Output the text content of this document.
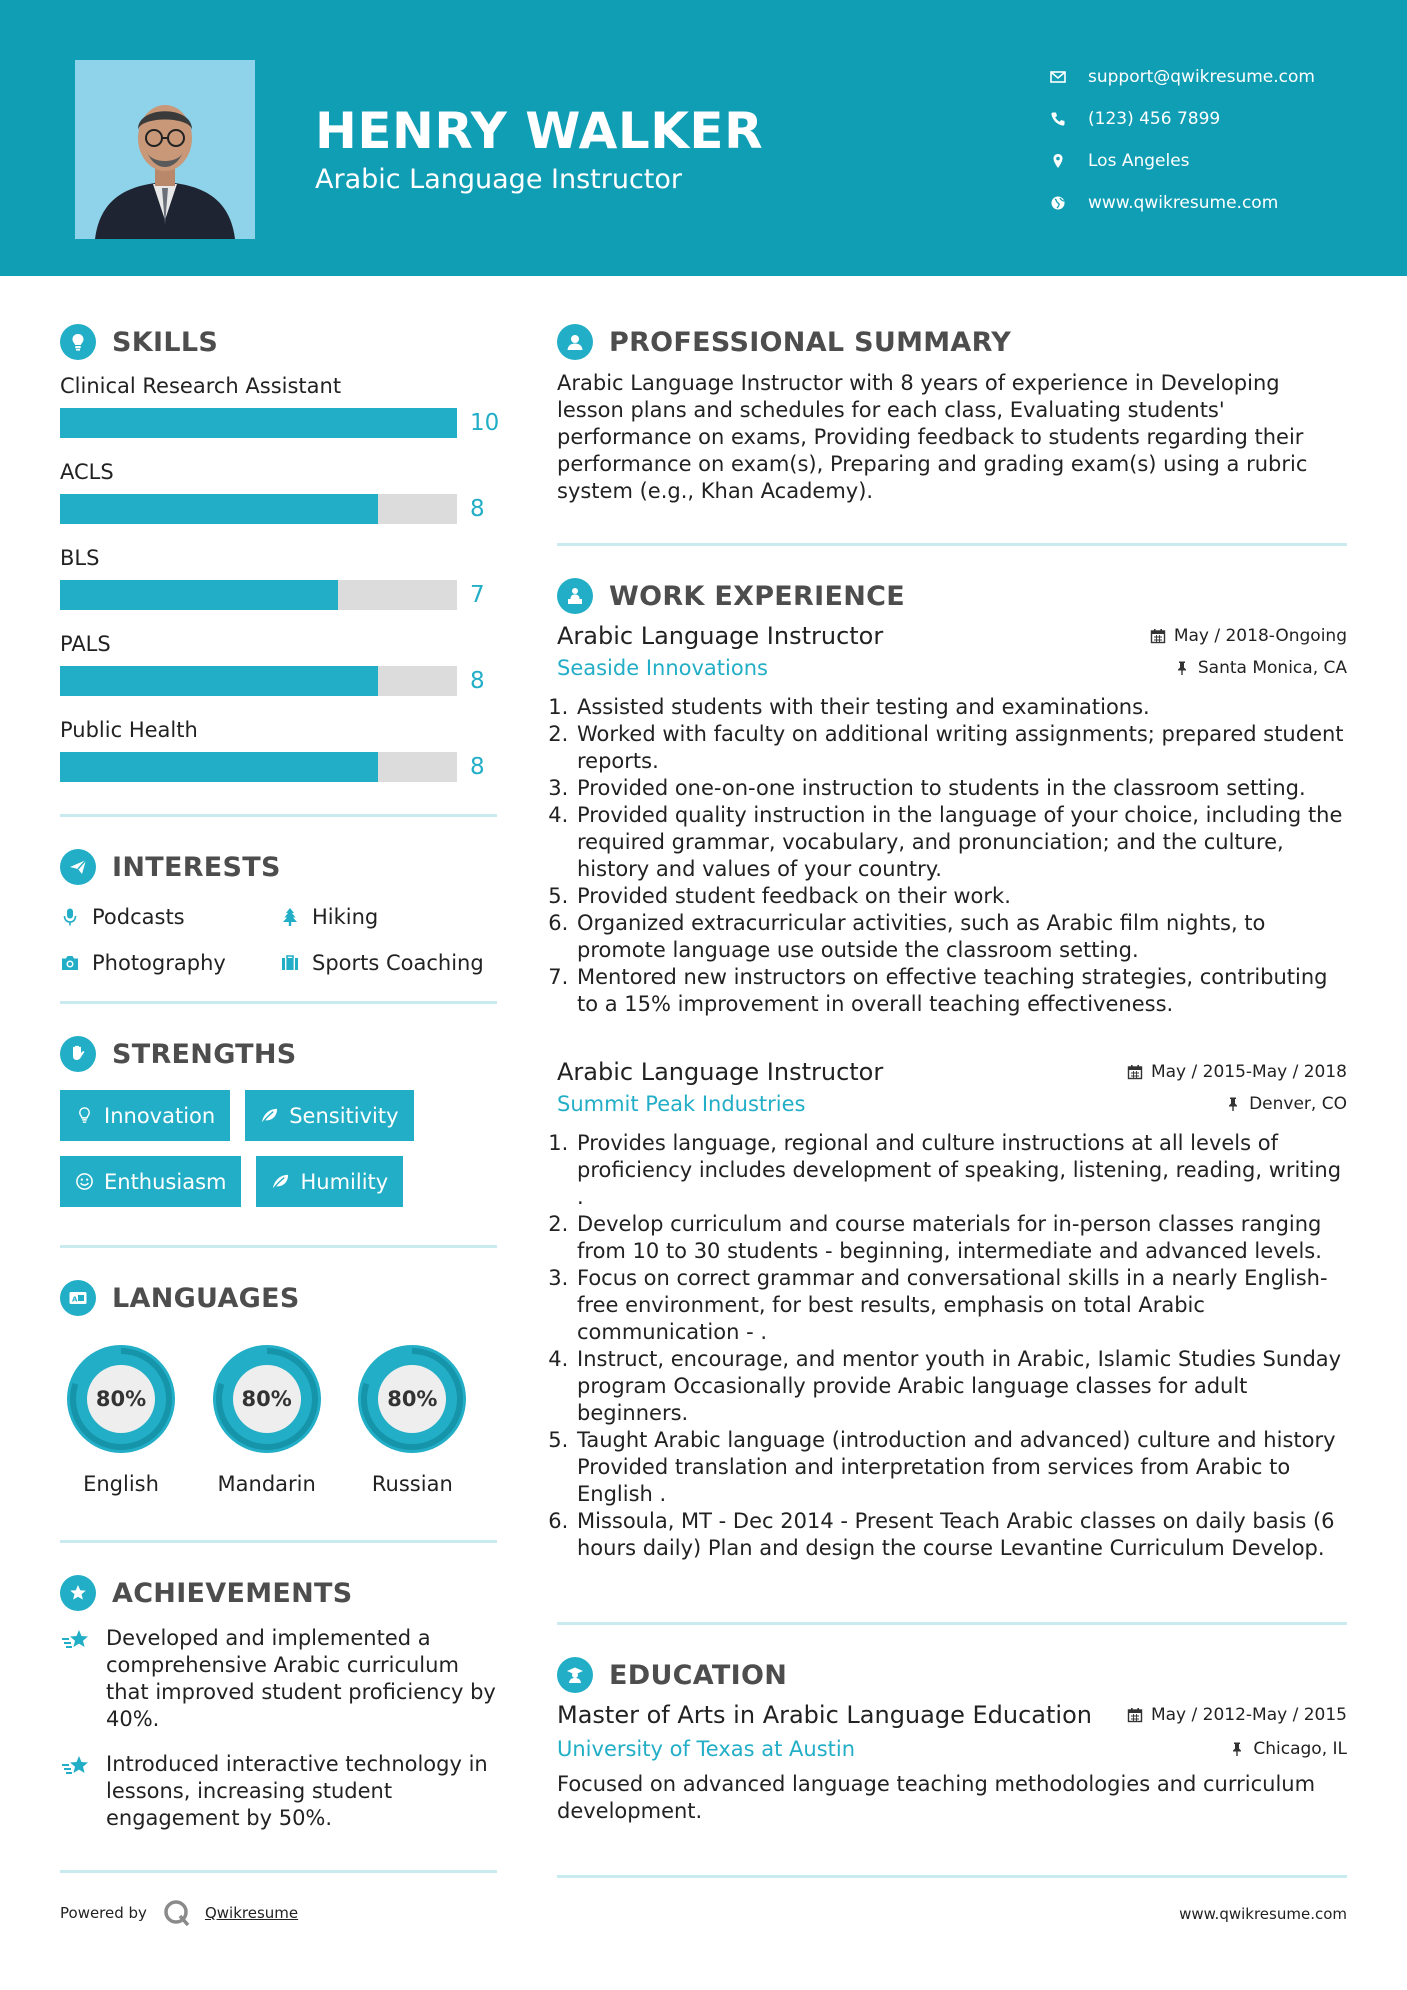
HENRY WALKER
Arabic Language Instructor
support@qwikresume.com
(123) 456 7899
Los Angeles
www.qwikresume.com
SKILLS
Clinical Research Assistant
10
ACLS
8
BLS
7
PALS
8
Public Health
8
INTERESTS
Podcasts	Hiking
Photography	Sports Coaching
STRENGTHS
Innovation	Sensitivity
Enthusiasm	Humility
A LANGUAGES
80%
English
80%
Mandarin
80%
Russian
ACHIEVEMENTS
Developed and implemented a comprehensive Arabic curriculum that improved student proficiency by 40%.
Introduced interactive technology in lessons, increasing student engagement by 50%.
PROFESSIONAL SUMMARY
Arabic Language Instructor with 8 years of experience in Developing lesson plans and schedules for each class, Evaluating students' performance on exams, Providing feedback to students regarding their performance on exam(s), Preparing and grading exam(s) using a rubric system (e.g., Khan Academy).
WORK EXPERIENCE
Arabic Language Instructor	May / 2018-Ongoing
Seaside Innovations	Santa Monica, CA
1. Assisted students with their testing and examinations.
2. Worked with faculty on additional writing assignments; prepared student reports.
3. Provided one-on-one instruction to students in the classroom setting.
4. Provided quality instruction in the language of your choice, including the required grammar, vocabulary, and pronunciation; and the culture, history and values of your country.
5. Provided student feedback on their work.
6. Organized extracurricular activities, such as Arabic film nights, to promote language use outside the classroom setting.
7. Mentored new instructors on effective teaching strategies, contributing to a 15% improvement in overall teaching effectiveness.
Arabic Language Instructor	May / 2015-May / 2018
Summit Peak Industries	Denver, CO
1. Provides language, regional and culture instructions at all levels of proficiency includes development of speaking, listening, reading, writing .
2. Develop curriculum and course materials for in-person classes ranging from 10 to 30 students - beginning, intermediate and advanced levels.
3. Focus on correct grammar and conversational skills in a nearly English-free environment, for best results, emphasis on total Arabic communication - .
4. Instruct, encourage, and mentor youth in Arabic, Islamic Studies Sunday program Occasionally provide Arabic language classes for adult beginners.
5. Taught Arabic language (introduction and advanced) culture and history Provided translation and interpretation from services from Arabic to English .
6. Missoula, MT - Dec 2014 - Present Teach Arabic classes on daily basis (6 hours daily) Plan and design the course Levantine Curriculum Develop.
EDUCATION
Master of Arts in Arabic Language Education	May / 2012-May / 2015
University of Texas at Austin	Chicago, IL
Focused on advanced language teaching methodologies and curriculum development.
Powered by	Qwikresume	www.qwikresume.com
